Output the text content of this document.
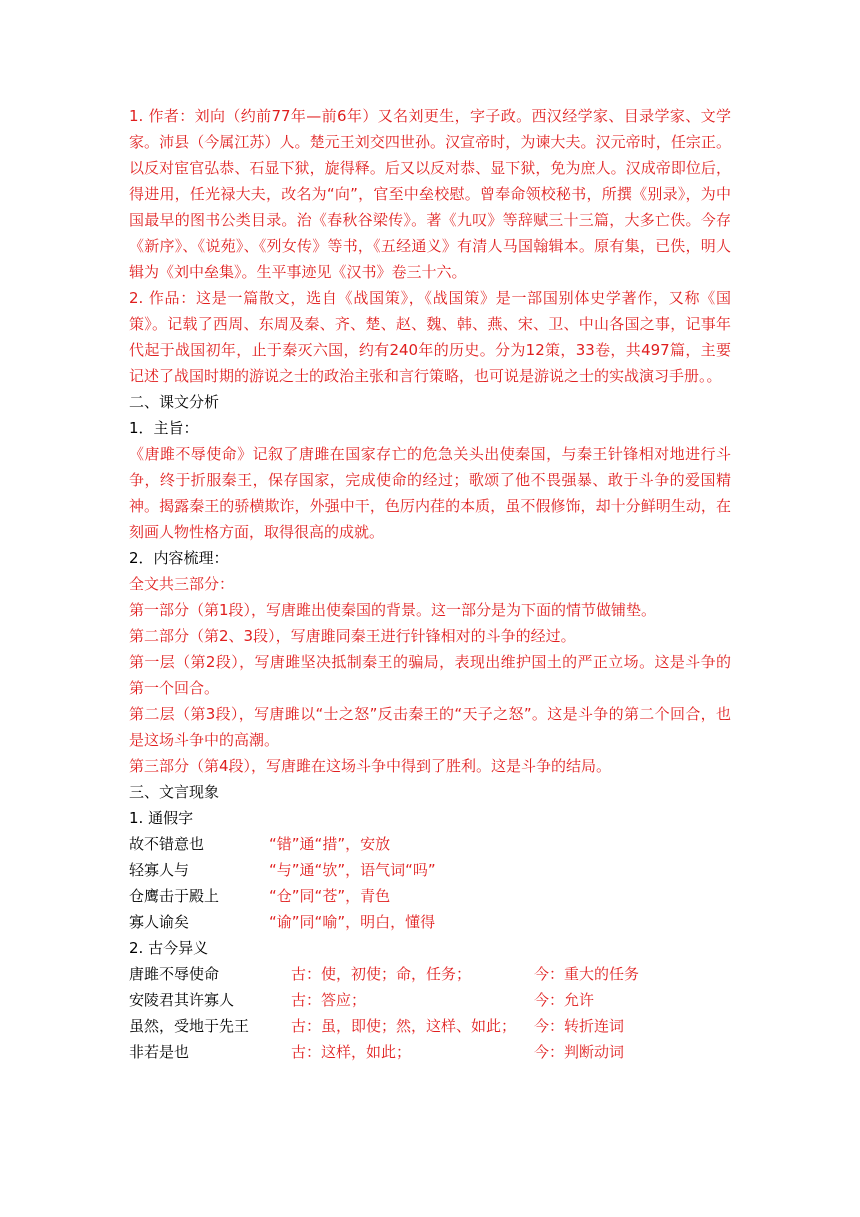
1. 作者：刘向（约前77年—前6年）又名刘更生，字子政。西汉经学家、目录学家、文学家。沛县（今属江苏）人。楚元王刘交四世孙。汉宣帝时，为谏大夫。汉元帝时，任宗正。以反对宦官弘恭、石显下狱，旋得释。后又以反对恭、显下狱，免为庶人。汉成帝即位后，得进用，任光禄大夫，改名为“向”，官至中垒校慰。曾奉命领校秘书，所撰《别录》，为中国最早的图书公类目录。治《春秋谷梁传》。著《九叹》等辞赋三十三篇，大多亡佚。今存《新序》、《说苑》、《列女传》等书，《五经通义》有清人马国翰辑本。原有集，已佚，明人辑为《刘中垒集》。生平事迹见《汉书》卷三十六。

2. 作品：这是一篇散文，选自《战国策》，《战国策》是一部国别体史学著作，又称《国策》。记载了西周、东周及秦、齐、楚、赵、魏、韩、燕、宋、卫、中山各国之事，记事年代起于战国初年，止于秦灭六国，约有240年的历史。分为12策，33卷，共497篇，主要记述了战国时期的游说之士的政治主张和言行策略，也可说是游说之士的实战演习手册。。

二、课文分析

1．主旨：

《唐雎不辱使命》记叙了唐雎在国家存亡的危急关头出使秦国，与秦王针锋相对地进行斗争，终于折服秦王，保存国家，完成使命的经过；歌颂了他不畏强暴、敢于斗争的爱国精神。揭露秦王的骄横欺诈，外强中干，色厉内荏的本质，虽不假修饰，却十分鲜明生动，在刻画人物性格方面，取得很高的成就。

2．内容梳理：

全文共三部分：

第一部分（第1段），写唐雎出使秦国的背景。这一部分是为下面的情节做铺垫。

第二部分（第2、3段），写唐雎同秦王进行针锋相对的斗争的经过。

第一层（第2段），写唐雎坚决抵制秦王的骗局，表现出维护国土的严正立场。这是斗争的第一个回合。

第二层（第3段），写唐雎以“士之怒”反击秦王的“天子之怒”。这是斗争的第二个回合，也是这场斗争中的高潮。

第三部分（第4段），写唐雎在这场斗争中得到了胜利。这是斗争的结局。

三、文言现象

1. 通假字

故不错意也	“错”通“措”，安放
轻寡人与	“与”通“欤”，语气词“吗”
仓鹰击于殿上	“仓”同“苍”，青色
寡人谕矣	“谕”同“喻”，明白，懂得

2. 古今异义

唐雎不辱使命	古：使，初使；命，任务；	今：重大的任务
安陵君其许寡人	古：答应；	今：允许
虽然，受地于先王	古：虽，即使；然，这样、如此；	今：转折连词
非若是也	古：这样，如此；	今：判断动词
